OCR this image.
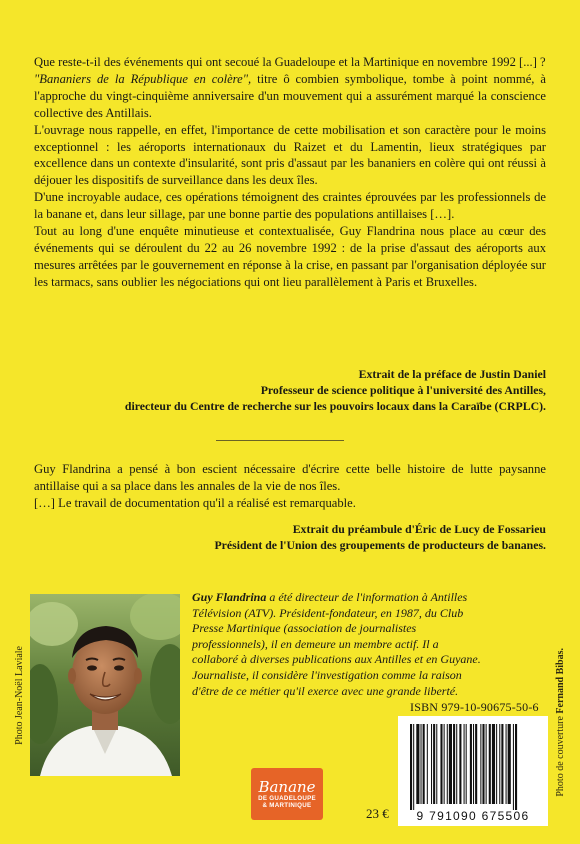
Que reste-t-il des événements qui ont secoué la Guadeloupe et la Martinique en novembre 1992 [...] ?

"Bananiers de la République en colère", titre ô combien symbolique, tombe à point nommé, à l'approche du vingt-cinquième anniversaire d'un mouvement qui a assurément marqué la conscience collective des Antillais.

L'ouvrage nous rappelle, en effet, l'importance de cette mobilisation et son caractère pour le moins exceptionnel : les aéroports internationaux du Raizet et du Lamentin, lieux stratégiques par excellence dans un contexte d'insularité, sont pris d'assaut par les bananiers en colère qui ont réussi à déjouer les dispositifs de surveillance dans les deux îles.

D'une incroyable audace, ces opérations témoignent des craintes éprouvées par les professionnels de la banane et, dans leur sillage, par une bonne partie des populations antillaises […].

Tout au long d'une enquête minutieuse et contextualisée, Guy Flandrina nous place au cœur des événements qui se déroulent du 22 au 26 novembre 1992 : de la prise d'assaut des aéroports aux mesures arrêtées par le gouvernement en réponse à la crise, en passant par l'organisation déployée sur les tarmacs, sans oublier les négociations qui ont lieu parallèlement à Paris et Bruxelles.

Extrait de la préface de Justin Daniel
Professeur de science politique à l'université des Antilles,
directeur du Centre de recherche sur les pouvoirs locaux dans la Caraïbe (CRPLC).

Guy Flandrina a pensé à bon escient nécessaire d'écrire cette belle histoire de lutte paysanne antillaise qui a sa place dans les annales de la vie de nos îles.

[…] Le travail de documentation qu'il a réalisé est remarquable.

Extrait du préambule d'Éric de Lucy de Fossarieu
Président de l'Union des groupements de producteurs de bananes.
Photo Jean-Noël Laviale
Guy Flandrina a été directeur de l'information à Antilles Télévision (ATV). Président-fondateur, en 1987, du Club Presse Martinique (association de journalistes professionnels), il en demeure un membre actif. Il a collaboré à diverses publications aux Antilles et en Guyane. Journaliste, il considère l'investigation comme la raison d'être de ce métier qu'il exerce avec une grande liberté.
Photo de couverture Fernand Bibas.
ISBN 979-10-90675-50-6
9 791090 675506
Banane
DE GUADELOUPE
& MARTINIQUE
23 €
